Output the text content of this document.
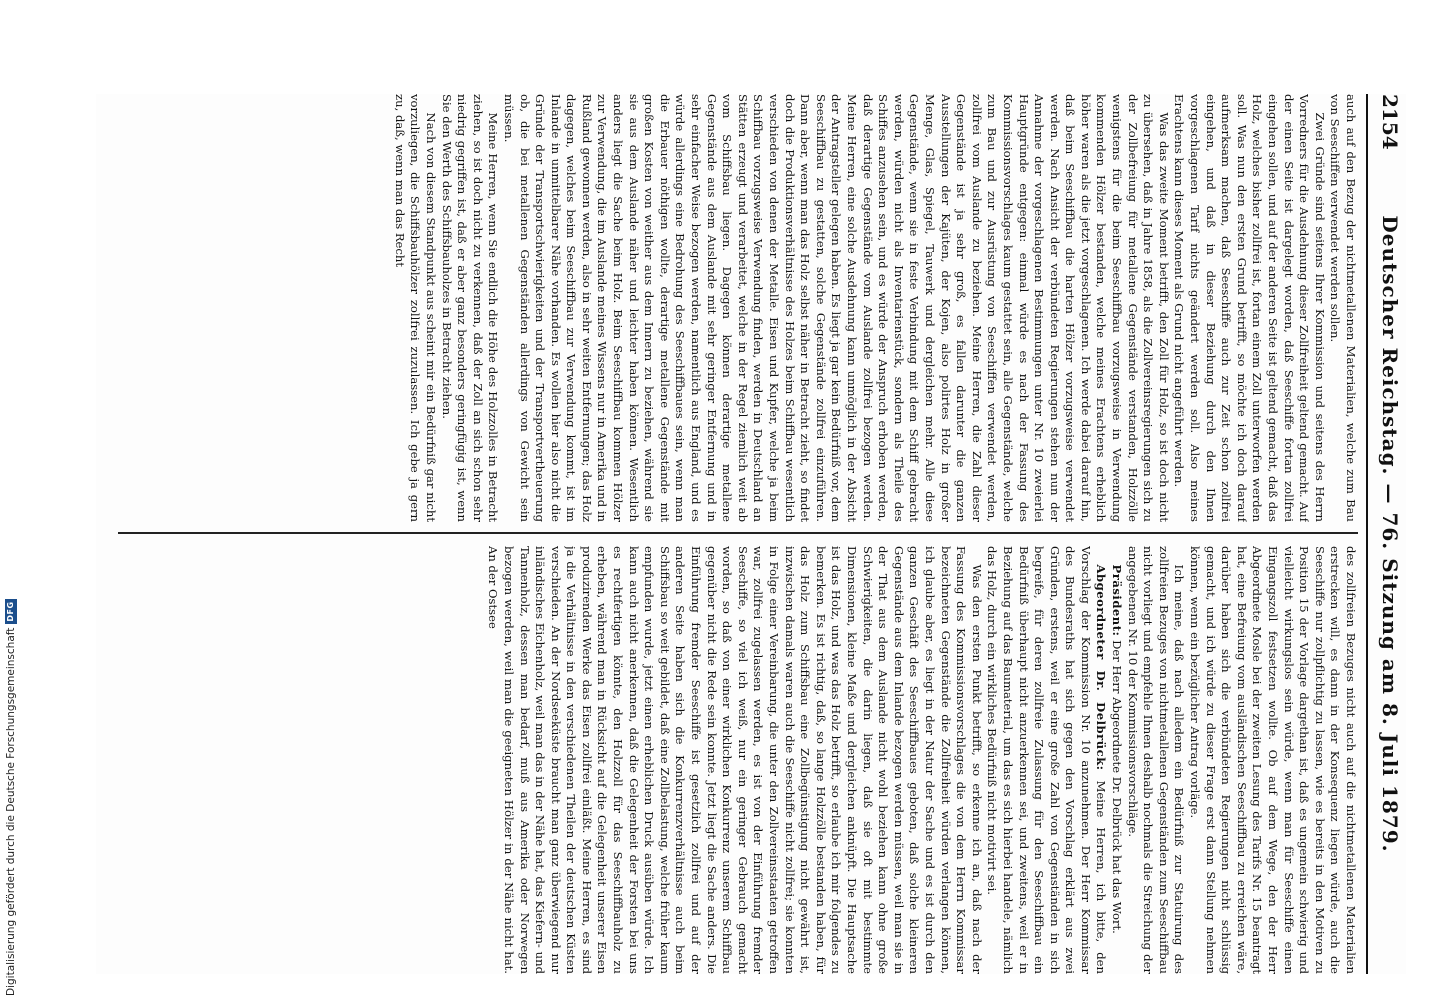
2154
Deutscher Reichstag. — 76. Sitzung am 8. Juli 1879.

auch auf den Bezug der nichtmetallenen Materialien, welche zum Bau von Seeschiffen verwendet werden sollen.

Zwei Gründe sind seitens Ihrer Kommission und seitens des Herrn Vorredners für die Ausdehnung dieser Zollfreiheit geltend gemacht. Auf der einen Seite ist dargelegt worden, daß Seeschiffe fortan zollfrei eingehen sollen, und auf der anderen Seite ist geltend gemacht, daß das Holz, welches bisher zollfrei ist, fortan einem Zoll unterworfen werden soll. Was nun den ersten Grund betrifft, so möchte ich doch darauf aufmerksam machen, daß Seeschiffe auch zur Zeit schon zollfrei eingehen, und daß in dieser Beziehung durch den Ihnen vorgeschlagenen Tarif nichts geändert werden soll. Also meines Erachtens kann dieses Moment als Grund nicht angeführt werden.

Was das zweite Moment betrifft, den Zoll für Holz, so ist doch nicht zu übersehen, daß in Jahre 1858, als die Zollvereinsregierungen sich zu der Zollbefreiung für metallene Gegenstände verstanden, Holzzölle wenigstens für die beim Seeschiffbau vorzugsweise in Verwendung kommenden Hölzer bestanden, welche meines Erachtens erheblich höher waren als die jetzt vorgeschlagenen. Ich werde dabei darauf hin, daß beim Seeschiffbau die harten Hölzer vorzugsweise verwendet werden. Nach Ansicht der verbündeten Regierungen stehen nun der Annahme der vorgeschlagenen Bestimmungen unter Nr. 10 zweierlei Hauptgründe entgegen: einmal würde es nach der Fassung des Kommissionsvorschlages kaum gestattet sein, alle Gegenstände, welche zum Bau und zur Ausrüstung von Seeschiffen verwendet werden, zollfrei vom Auslande zu beziehen. Meine Herren, die Zahl dieser Gegenstände ist ja sehr groß, es fallen darunter die ganzen Ausstellungen der Kajüten, der Kojen, also polirtes Holz in großer Menge, Glas, Spiegel, Tauwerk und dergleichen mehr. Alle diese Gegenstände, wenn sie in feste Verbindung mit dem Schiff gebracht werden, würden nicht als Inventarienstück, sondern als Theile des Schiffes anzusehen sein, und es würde der Anspruch erhoben werden, daß derartige Gegenstände vom Auslande zollfrei bezogen werden. Meine Herren, eine solche Ausdehnung kann unmöglich in der Absicht der Antragsteller gelegen haben. Es liegt ja gar kein Bedürfniß vor, dem Seeschiffbau zu gestatten, solche Gegenstände zollfrei einzuführen. Dann aber, wenn man das Holz selbst näher in Betracht zieht, so findet doch die Produktionsverhältnisse des Holzes beim Schiffbau wesentlich verschieden von denen der Metalle. Eisen und Kupfer, welche ja beim Schiffbau vorzugsweise Verwendung finden, werden in Deutschland an Stätten erzeugt und verarbeitet, welche in der Regel ziemlich weit ab vom Schiffsbau liegen. Dagegen können derartige metallene Gegenstände aus dem Auslande mit sehr geringer Entfernung und in sehr einfacher Weise bezogen werden, namentlich aus England, und es würde allerdings eine Bedrohung des Seeschiffbaues sein, wenn man die Erbauer nöthigen wollte, derartige metallene Gegenstände mit großen Kosten von weither aus dem Innern zu beziehen, während sie sie aus dem Auslande näher und leichter haben können. Wesentlich anders liegt die Sache beim Holz. Beim Seeschiffbau kommen Hölzer zur Verwendung, die im Auslande meines Wissens nur in Amerika und in Rußland gewonnen werden, also in sehr weiten Entfernungen; das Holz dagegen, welches beim Seeschiffbau zur Verwendung kommt, ist im Inlande in unmittelbarer Nähe vorhanden. Es wollen hier also nicht die Gründe der Transportschwierigkeiten und der Transportvertheuerung ob, die bei metallenen Gegenständen allerdings von Gewicht sein müssen.

Meine Herren, wenn Sie endlich die Höhe des Holzzolles in Betracht ziehen, so ist doch nicht zu verkennen, daß der Zoll an sich schon sehr niedrig gegriffen ist, daß er aber ganz besonders geringfügig ist, wenn Sie den Werth des Schiffsbauholzes in Betracht ziehen.

Nach von diesem Standpunkt aus scheint mir ein Bedürfniß gar nicht vorzuliegen, die Schiffsbauhölzer zollfrei zuzulassen. Ich gebe ja gern zu, daß, wenn man das Recht

des zollfreien Bezuges nicht auch auf die nichtmetallenen Materialien erstrecken will, es dann in der Konsequenz liegen würde, auch die Seeschiffe nur zollpflichtig zu lassen, wie es bereits in den Motiven zu Position 15 der Vorlage dargethan ist, daß es ungemein schwierig und vielleicht wirkungslos sein würde, wenn man für Seeschiffe einen Eingangszoll festsetzen wollte. Ob auf dem Wege, den der Herr Abgeordnete Mosle bei der zweiten Lesung des Tarifs Nr. 15 beantragt hat, eine Befreiung vom ausländischen Seeschiffbau zu erreichen wäre, darüber haben sich die verbündeten Regierungen nicht schlüssig gemacht, und ich würde zu dieser Frage erst dann Stellung nehmen können, wenn ein bezüglicher Antrag vorläge.

Ich meine, daß nach alledem ein Bedürfniß zur Statuirung des zollfreien Bezuges von nichtmetallenen Gegenständen zum Seeschiffbau nicht vorliegt und empfehle Ihnen deshalb nochmals die Streichung der angegebenen Nr. 10 der Kommissionsvorschläge.

Präsident: Der Herr Abgeordnete Dr. Delbrück hat das Wort.

Abgeordneter Dr. Delbrück: Meine Herren, ich bitte, den Vorschlag der Kommission Nr. 10 anzunehmen. Der Herr Kommissar des Bundesraths hat sich gegen den Vorschlag erklärt aus zwei Gründen, erstens, weil er eine große Zahl von Gegenständen in sich begreife, für deren zollfreie Zulassung für den Seeschiffbau ein Bedürfniß überhaupt nicht anzuerkennen sei, und zweitens, weil er in Beziehung auf das Baumaterial, um das es sich hierbei handele, nämlich das Holz, durch ein wirkliches Bedürfniß nicht motivirt sei.

Was den ersten Punkt betrifft, so erkenne ich an, daß nach der Fassung des Kommissionsvorschlages die von dem Herrn Kommissar bezeichneten Gegenstände die Zollfreiheit würden verlangen können, ich glaube aber, es liegt in der Natur der Sache und es ist durch den ganzen Geschäft des Seeschiffbaues geboten, daß solche kleineren Gegenstände aus dem Inlande bezogen werden müssen, weil man sie in der That aus dem Auslande nicht wohl beziehen kann ohne große Schwierigkeiten, die darin liegen, daß sie oft mit bestimmte Dimensionen, kleine Maße und dergleichen anknüpft. Die Hauptsache ist das Holz, und was das Holz betrifft, so erlaube ich mir folgendes zu bemerken. Es ist richtig, daß, so lange Holzzölle bestanden haben, für das Holz zum Schiffsbau eine Zollbegünstigung nicht gewährt ist, inzwischen damals waren auch die Seeschiffe nicht zollfrei; sie konnten in Folge einer Vereinbarung, die unter den Zollvereinsstaaten getroffen war, zollfrei zugelassen werden, es ist von der Einführung fremder Seeschiffe, so viel ich weiß, nur ein geringer Gebrauch gemacht worden, so daß von einer wirklichen Konkurrenz unserem Schiffbau gegenüber nicht die Rede sein konnte. Jetzt liegt die Sache anders. Die Einführung fremder Seeschiffe ist gesetzlich zollfrei und auf der anderen Seite haben sich die Konkurrenzverhältnisse auch beim Schiffsbau so weit gebildet, daß eine Zollbelastung, welche früher kaum empfunden wurde, jetzt einen erheblichen Druck ausüben würde. Ich kann auch nicht anerkennen, daß die Gelegenheit der Forsten bei uns es rechtfertigen könnte, den Holzzoll für das Seeschiffbauholz zu erheben, während man in Rücksicht auf die Gelegenheit unserer Eisen produzirenden Werke das Eisen zollfrei einläßt. Meine Herren, es sind ja die Verhältnisse in den verschiedenen Theilen der deutschen Küsten verschieden. An der Nordseeküste braucht man ganz überwiegend nur inländisches Eichenholz, weil man das in der Nähe hat, das Kiefern- und Tannenholz, dessen man bedarf, muß aus Amerika oder Norwegen bezogen werden, weil man die geeigneten Hölzer in der Nähe nicht hat. An der Ostsee

Digitalisierung gefördert durch die Deutsche Forschungsgemeinschaft
DFG
